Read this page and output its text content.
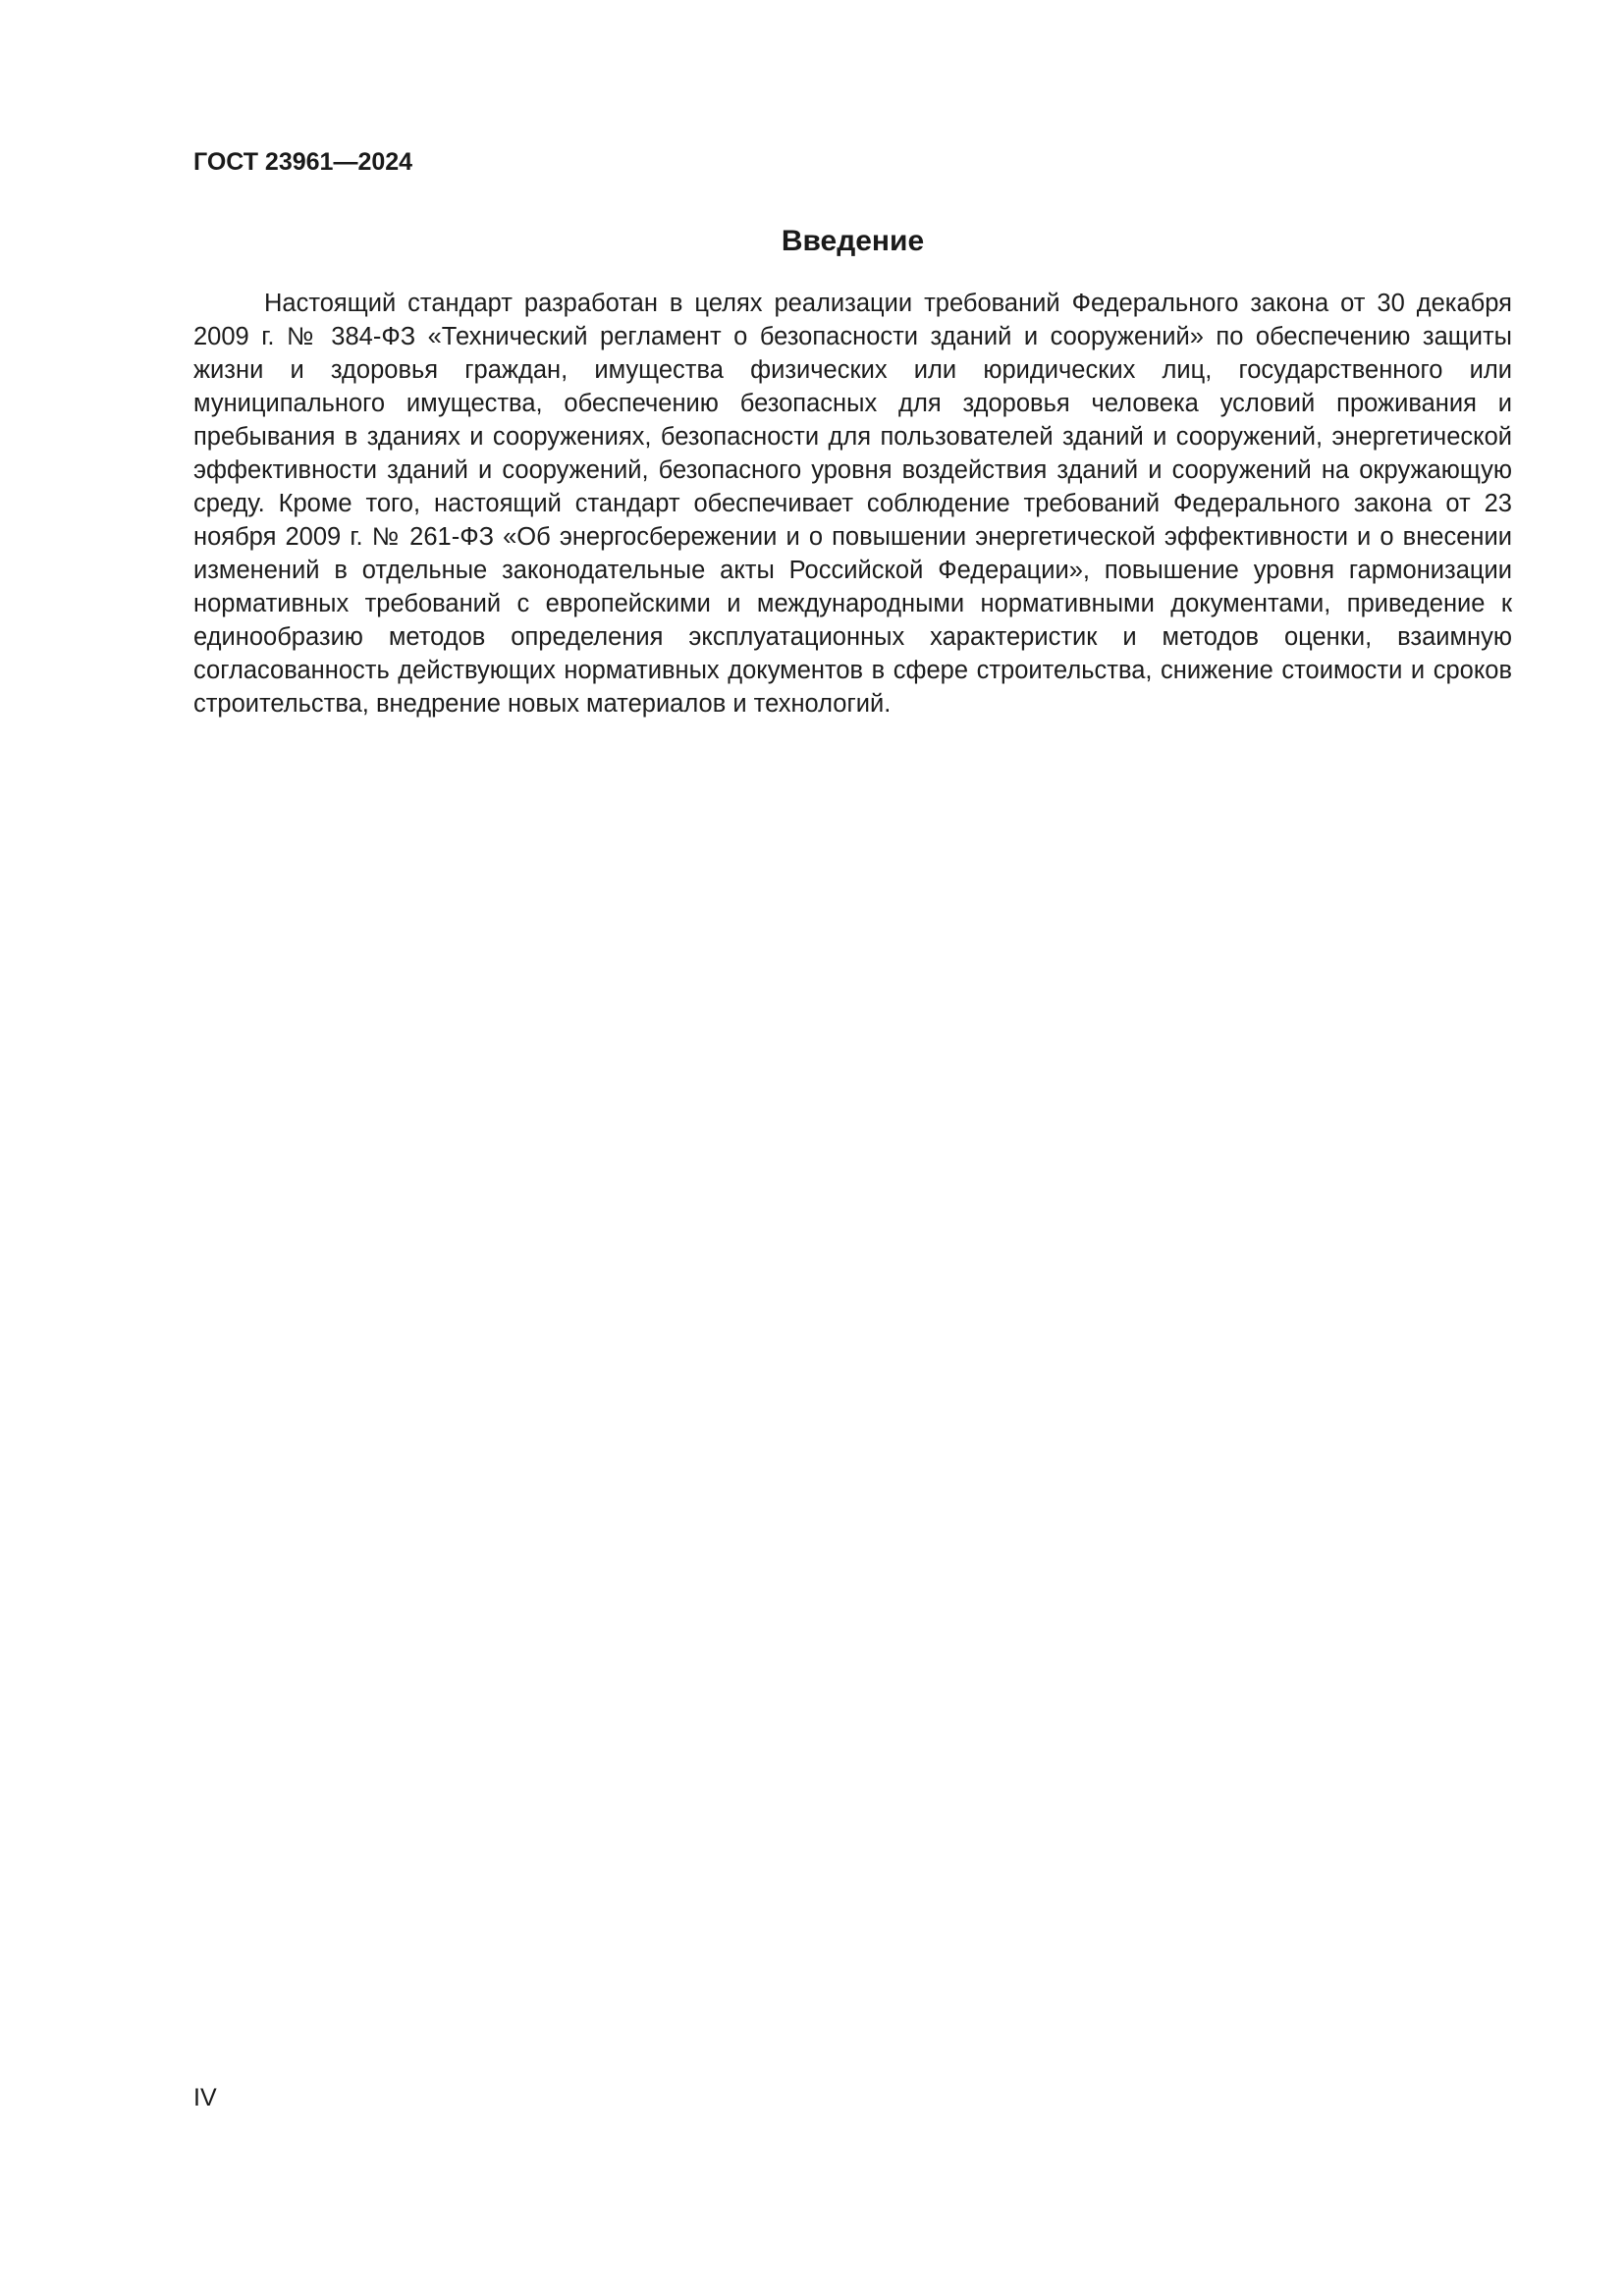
ГОСТ 23961—2024
Введение

Настоящий стандарт разработан в целях реализации требований Федерального закона от 30 декабря 2009 г. № 384-ФЗ «Технический регламент о безопасности зданий и сооружений» по обеспечению защиты жизни и здоровья граждан, имущества физических или юридических лиц, государственного или муниципального имущества, обеспечению безопасных для здоровья человека условий проживания и пребывания в зданиях и сооружениях, безопасности для пользователей зданий и сооружений, энергетической эффективности зданий и сооружений, безопасного уровня воздействия зданий и сооружений на окружающую среду. Кроме того, настоящий стандарт обеспечивает соблюдение требований Федерального закона от 23 ноября 2009 г. № 261-ФЗ «Об энергосбережении и о повышении энергетической эффективности и о внесении изменений в отдельные законодательные акты Российской Федерации», повышение уровня гармонизации нормативных требований с европейскими и международными нормативными документами, приведение к единообразию методов определения эксплуатационных характеристик и методов оценки, взаимную согласованность действующих нормативных документов в сфере строительства, снижение стоимости и сроков строительства, внедрение новых материалов и технологий.

IV
